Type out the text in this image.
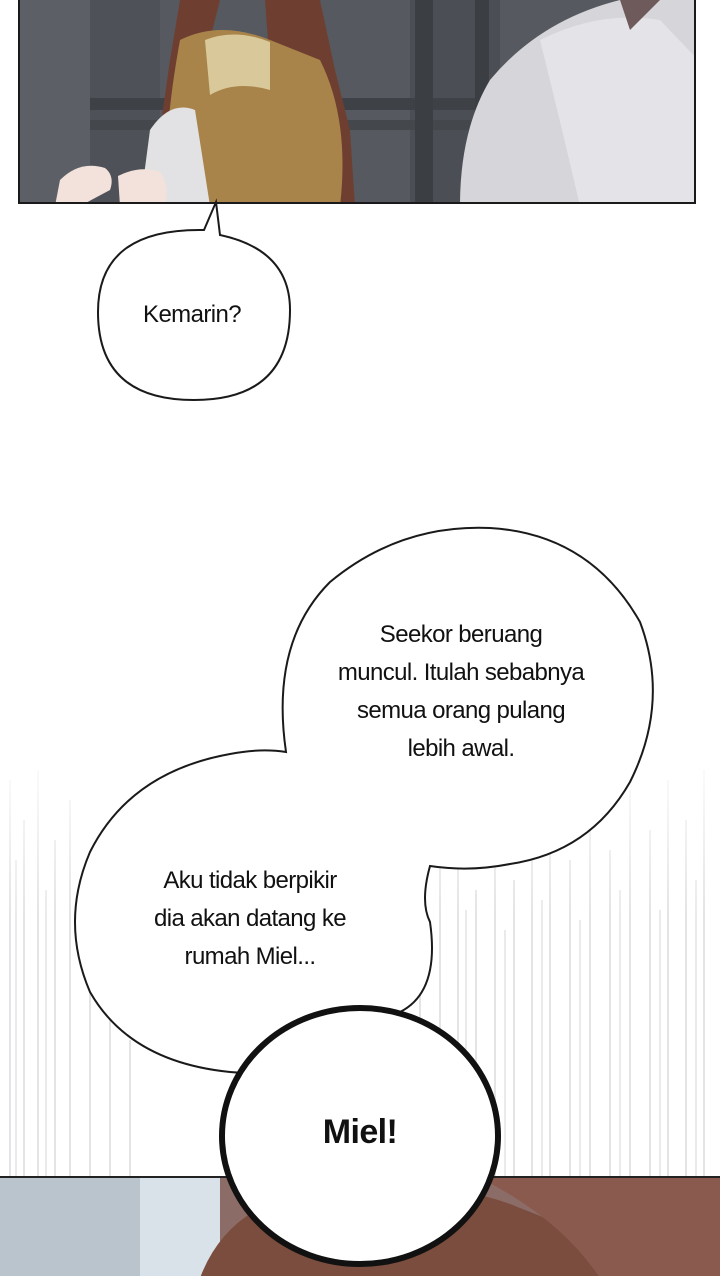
Kemarin?
Seekor beruang
muncul. Itulah sebabnya
semua orang pulang
lebih awal.
Aku tidak berpikir
dia akan datang ke
rumah Miel...
Miel!
